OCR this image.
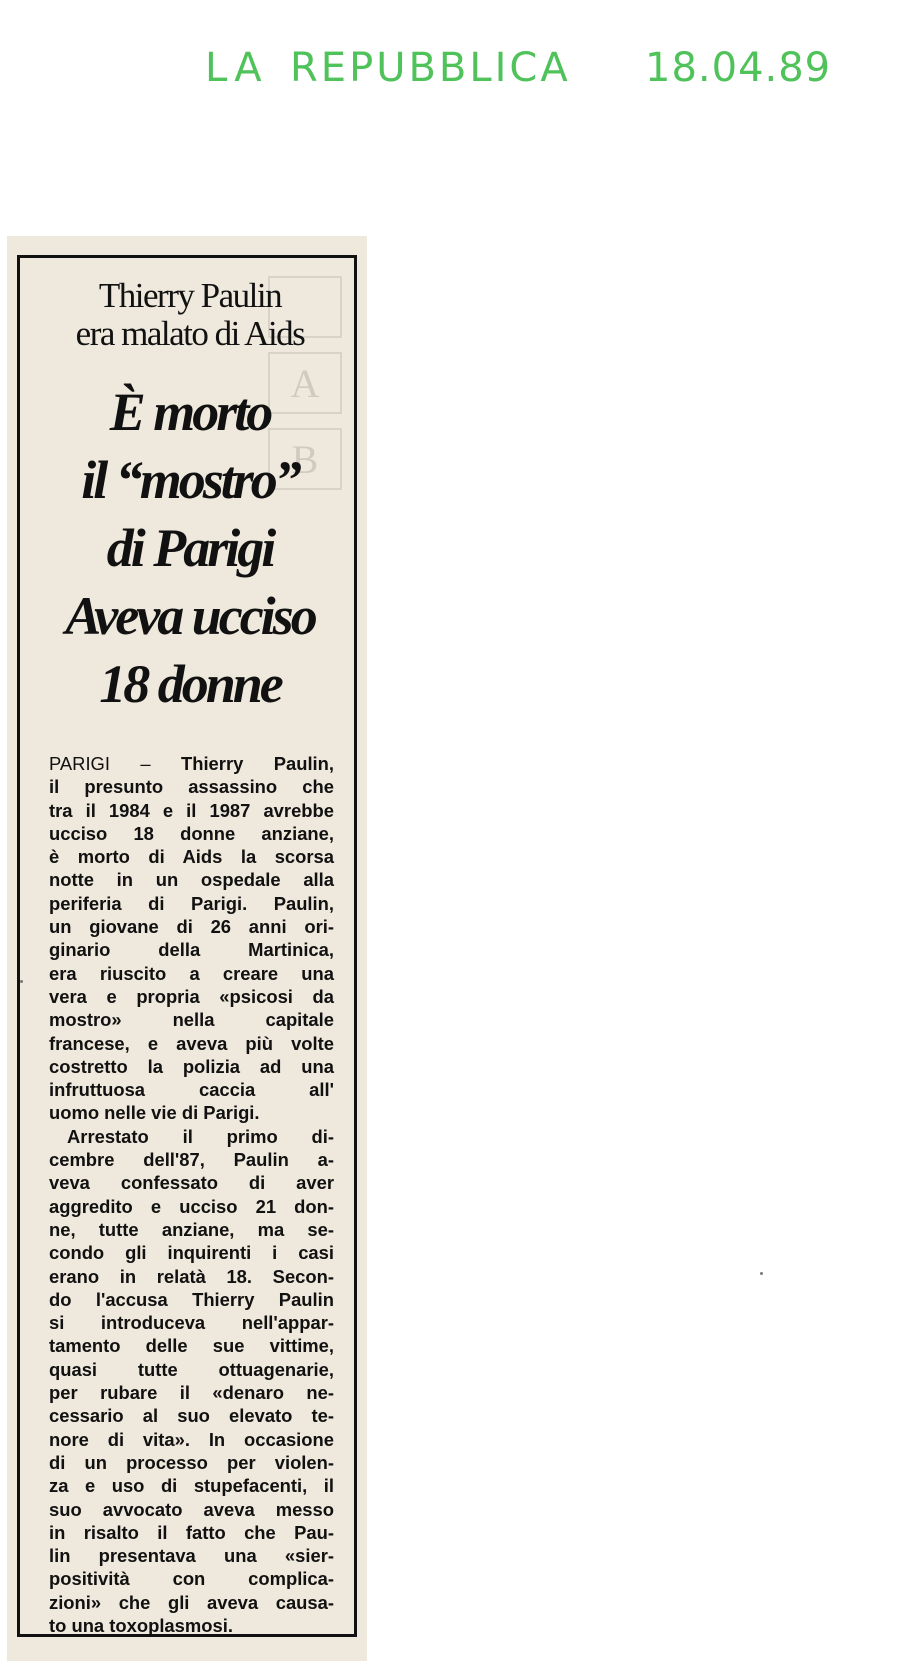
LA REPUBBLICA	18.04.89
A
B
Thierry Paulin
era malato di Aids
È morto
il “mostro”
di Parigi
Aveva ucciso
18 donne
PARIGI – Thierry Paulin,
il presunto assassino che
tra il 1984 e il 1987 avrebbe
ucciso 18 donne anziane,
è morto di Aids la scorsa
notte in un ospedale alla
periferia di Parigi. Paulin,
un giovane di 26 anni ori-
ginario della Martinica,
era riuscito a creare una
vera e propria «psicosi da
mostro» nella capitale
francese, e aveva più volte
costretto la polizia ad una
infruttuosa caccia all'
uomo nelle vie di Parigi.
Arrestato il primo di-
cembre dell'87, Paulin a-
veva confessato di aver
aggredito e ucciso 21 don-
ne, tutte anziane, ma se-
condo gli inquirenti i casi
erano in relatà 18. Secon-
do l'accusa Thierry Paulin
si introduceva nell'appar-
tamento delle sue vittime,
quasi tutte ottuagenarie,
per rubare il «denaro ne-
cessario al suo elevato te-
nore di vita». In occasione
di un processo per violen-
za e uso di stupefacenti, il
suo avvocato aveva messo
in risalto il fatto che Pau-
lin presentava una «sier-
positività con complica-
zioni» che gli aveva causa-
to una toxoplasmosi.
